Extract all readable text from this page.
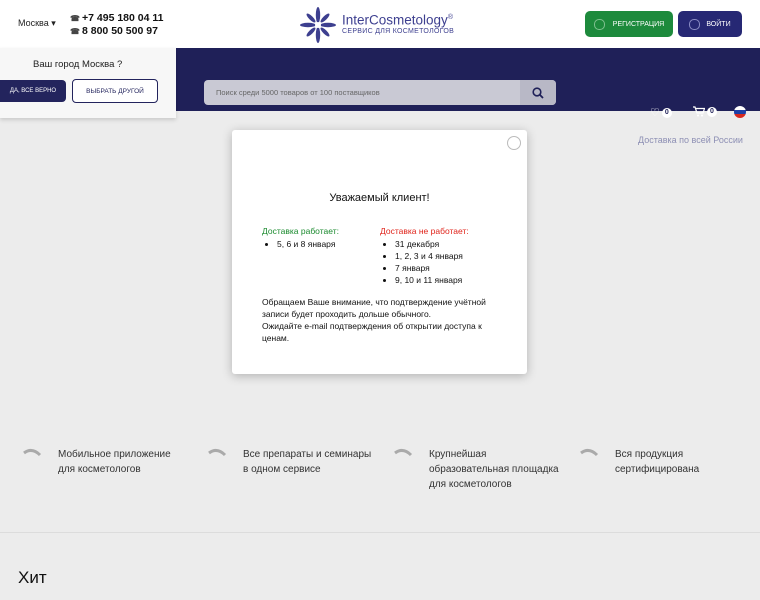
Москва ▾ ☎ +7 495 180 04 11
☎ 8 800 50 500 97
InterCosmetology®
СЕРВИС ДЛЯ КОСМЕТОЛОГОВ
РЕГИСТРАЦИЯ	ВОЙТИ
♡ 0	0
Доставка по всей России
Поиск среди 5000 товаров от 100 поставщиков
Ваш город Москва ?
ДА, ВСЕ ВЕРНО	ВЫБРАТЬ ДРУГОЙ
Мобильное приложение для косметологов
Все препараты и семинары в одном сервисе
Крупнейшая образовательная площадка для косметологов
Вся продукция сертифицирована
Хит
Уважаемый клиент!
Доставка работает:
• 5, 6 и 8 января
Доставка не работает:
• 31 декабря
• 1, 2, 3 и 4 января
• 7 января
• 9, 10 и 11 января
Обращаем Ваше внимание, что подтверждение учётной записи будет проходить дольше обычного.
Ожидайте e-mail подтверждения об открытии доступа к ценам.
